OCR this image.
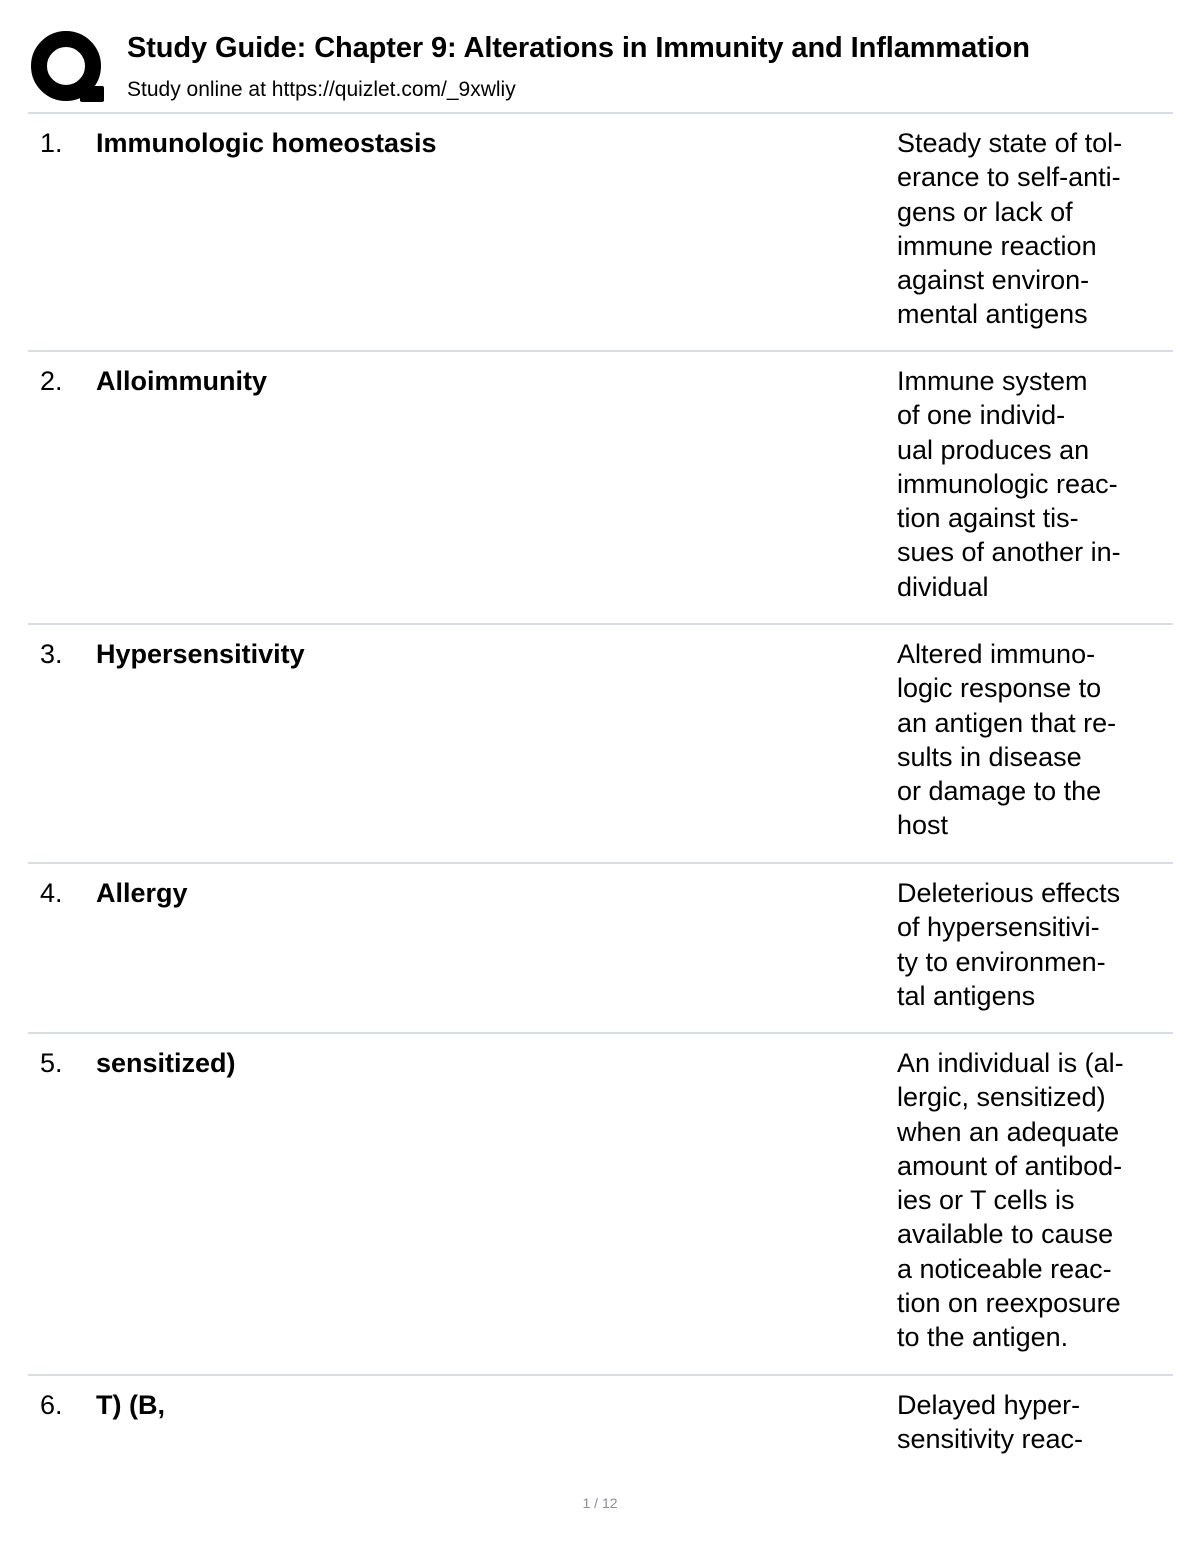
Study Guide: Chapter 9: Alterations in Immunity and Inflammation
Study online at https://quizlet.com/_9xwliy
1. Immunologic homeostasis	Steady state of tol-
erance to self-anti-
gens or lack of
immune reaction
against environ-
mental antigens
2. Alloimmunity	Immune system
of one individ-
ual produces an
immunologic reac-
tion against tis-
sues of another in-
dividual
3. Hypersensitivity	Altered immuno-
logic response to
an antigen that re-
sults in disease
or damage to the
host
4. Allergy	Deleterious effects
of hypersensitivi-
ty to environmen-
tal antigens
5. sensitized)	An individual is (al-
lergic, sensitized)
when an adequate
amount of antibod-
ies or T cells is
available to cause
a noticeable reac-
tion on reexposure
to the antigen.
6. T) (B,	Delayed hyper-
sensitivity reac-
1 / 12
